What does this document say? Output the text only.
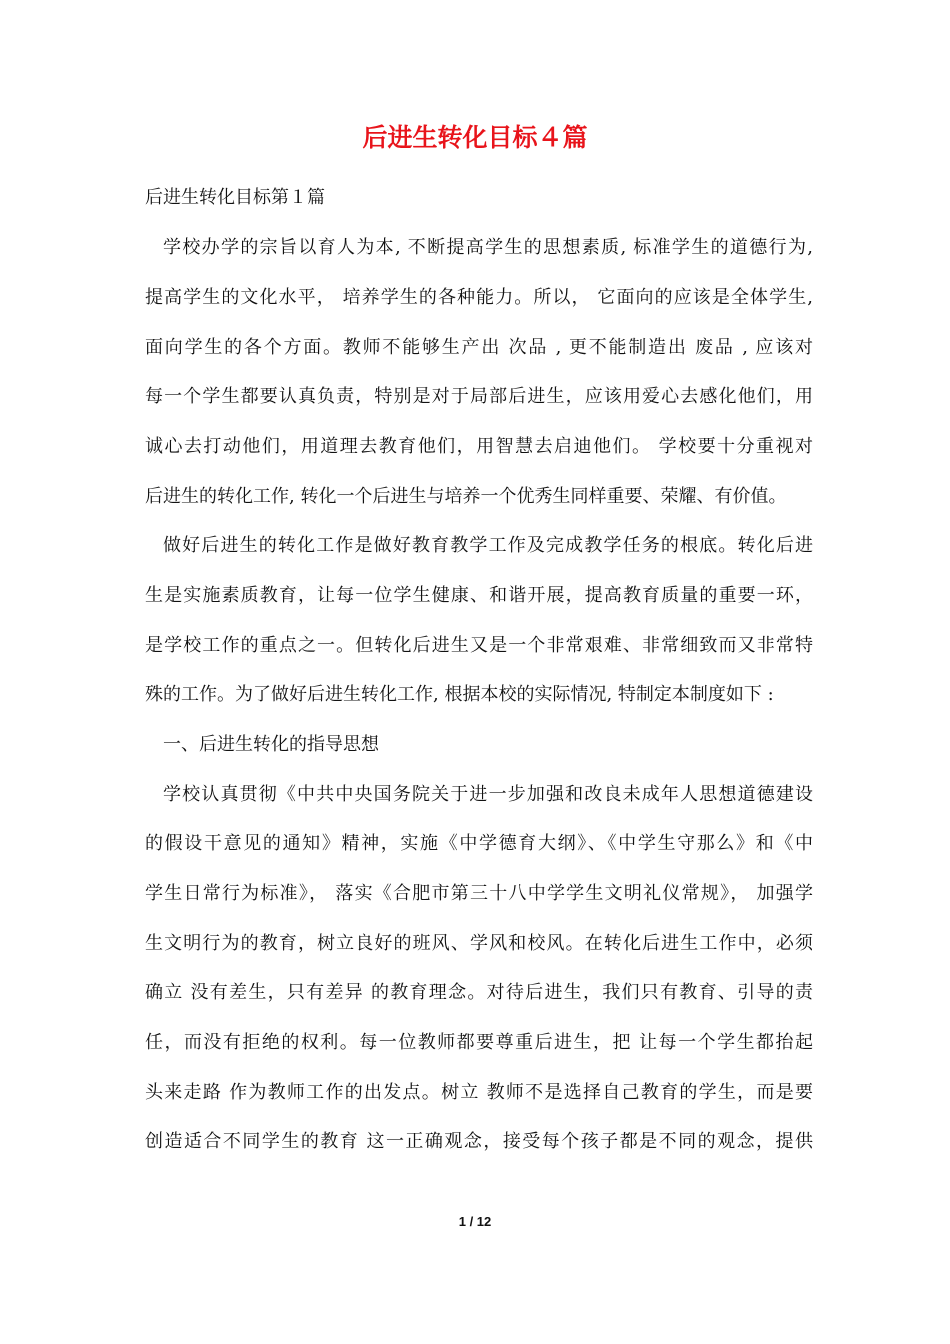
后进生转化目标４篇

后进生转化目标第１篇

学校办学的宗旨以育人为本, 不断提高学生的思想素质, 标准学生的道德行为,

提高学生的文化水平， 培养学生的各种能力。所以， 它面向的应该是全体学生,

面向学生的各个方面。教师不能够生产出 次品 , 更不能制造出 废品 , 应该对

每一个学生都要认真负责，特别是对于局部后进生，应该用爱心去感化他们，用

诚心去打动他们，用道理去教育他们，用智慧去启迪他们。 学校要十分重视对

后进生的转化工作, 转化一个后进生与培养一个优秀生同样重要、荣耀、有价值。

做好后进生的转化工作是做好教育教学工作及完成教学任务的根底。转化后进

生是实施素质教育，让每一位学生健康、和谐开展，提高教育质量的重要一环，

是学校工作的重点之一。但转化后进生又是一个非常艰难、非常细致而又非常特

殊的工作。为了做好后进生转化工作, 根据本校的实际情况, 特制定本制度如下 :

一、后进生转化的指导思想

学校认真贯彻《中共中央国务院关于进一步加强和改良未成年人思想道德建设

的假设干意见的通知》精神，实施《中学德育大纲》、《中学生守那么》和《中

学生日常行为标准》， 落实《合肥市第三十八中学学生文明礼仪常规》， 加强学

生文明行为的教育，树立良好的班风、学风和校风。在转化后进生工作中，必须

确立 没有差生，只有差异 的教育理念。对待后进生，我们只有教育、引导的责

任，而没有拒绝的权利。每一位教师都要尊重后进生，把 让每一个学生都抬起

头来走路 作为教师工作的出发点。树立 教师不是选择自己教育的学生，而是要

创造适合不同学生的教育 这一正确观念，接受每个孩子都是不同的观念，提供

1 / 12
